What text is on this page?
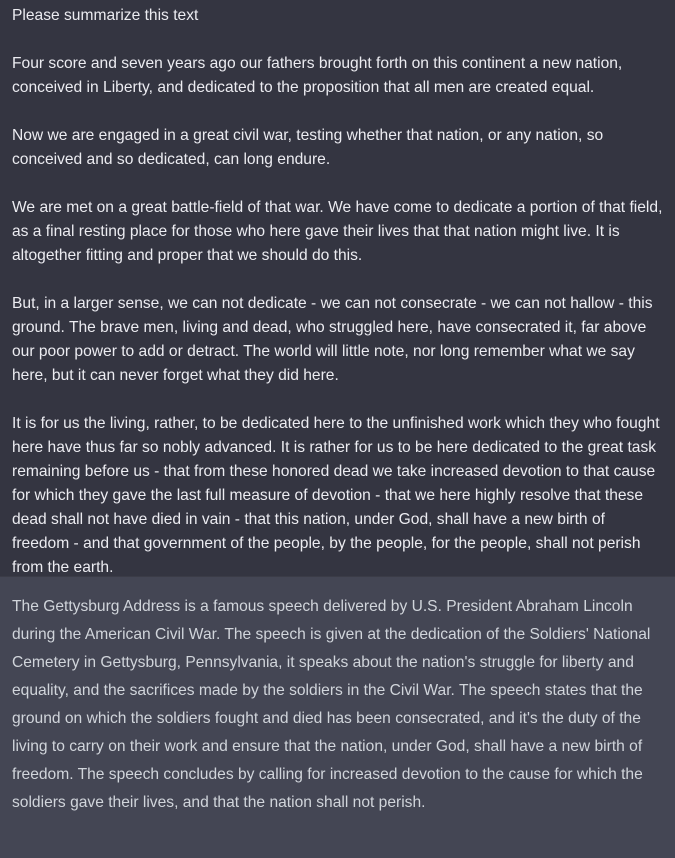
Please summarize this text

Four score and seven years ago our fathers brought forth on this continent a new nation, conceived in Liberty, and dedicated to the proposition that all men are created equal.

Now we are engaged in a great civil war, testing whether that nation, or any nation, so conceived and so dedicated, can long endure.

We are met on a great battle-field of that war. We have come to dedicate a portion of that field, as a final resting place for those who here gave their lives that that nation might live. It is altogether fitting and proper that we should do this.

But, in a larger sense, we can not dedicate - we can not consecrate - we can not hallow - this ground. The brave men, living and dead, who struggled here, have consecrated it, far above our poor power to add or detract. The world will little note, nor long remember what we say here, but it can never forget what they did here.

It is for us the living, rather, to be dedicated here to the unfinished work which they who fought here have thus far so nobly advanced. It is rather for us to be here dedicated to the great task remaining before us - that from these honored dead we take increased devotion to that cause for which they gave the last full measure of devotion - that we here highly resolve that these dead shall not have died in vain - that this nation, under God, shall have a new birth of freedom - and that government of the people, by the people, for the people, shall not perish from the earth.

The Gettysburg Address is a famous speech delivered by U.S. President Abraham Lincoln during the American Civil War. The speech is given at the dedication of the Soldiers' National Cemetery in Gettysburg, Pennsylvania, it speaks about the nation's struggle for liberty and equality, and the sacrifices made by the soldiers in the Civil War. The speech states that the ground on which the soldiers fought and died has been consecrated, and it's the duty of the living to carry on their work and ensure that the nation, under God, shall have a new birth of freedom. The speech concludes by calling for increased devotion to the cause for which the soldiers gave their lives, and that the nation shall not perish.
